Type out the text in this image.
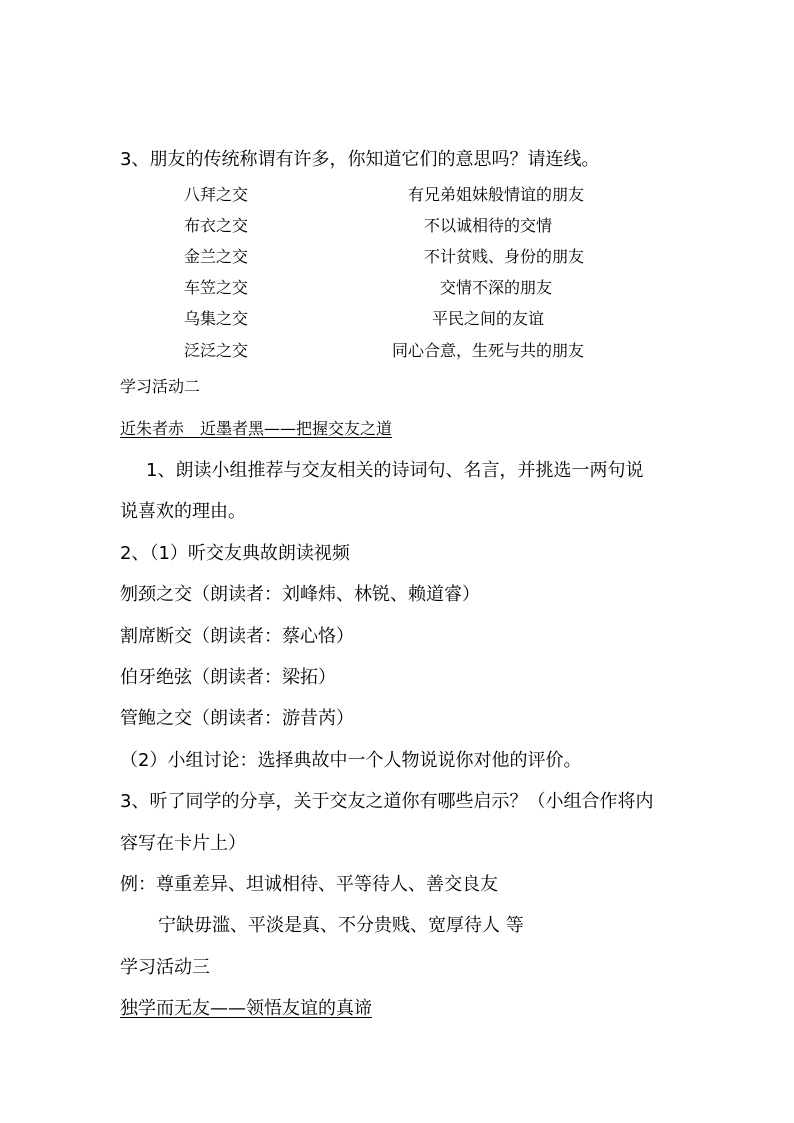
3、朋友的传统称谓有许多，你知道它们的意思吗？请连线。
八拜之交	有兄弟姐妹般情谊的朋友
布衣之交	不以诚相待的交情
金兰之交	不计贫贱、身份的朋友
车笠之交	交情不深的朋友
乌集之交	平民之间的友谊
泛泛之交	同心合意，生死与共的朋友
学习活动二
近朱者赤　近墨者黑——把握交友之道
1、朗读小组推荐与交友相关的诗词句、名言，并挑选一两句说
说喜欢的理由。
2、（1）听交友典故朗读视频
刎颈之交（朗读者：刘峰炜、林锐、赖道睿）
割席断交（朗读者：蔡心恪）
伯牙绝弦（朗读者：梁拓）
管鲍之交（朗读者：游昔芮）
（2）小组讨论：选择典故中一个人物说说你对他的评价。
3、听了同学的分享，关于交友之道你有哪些启示？（小组合作将内
容写在卡片上）
例：尊重差异、坦诚相待、平等待人、善交良友
宁缺毋滥、平淡是真、不分贵贱、宽厚待人 等
学习活动三
独学而无友——领悟友谊的真谛
